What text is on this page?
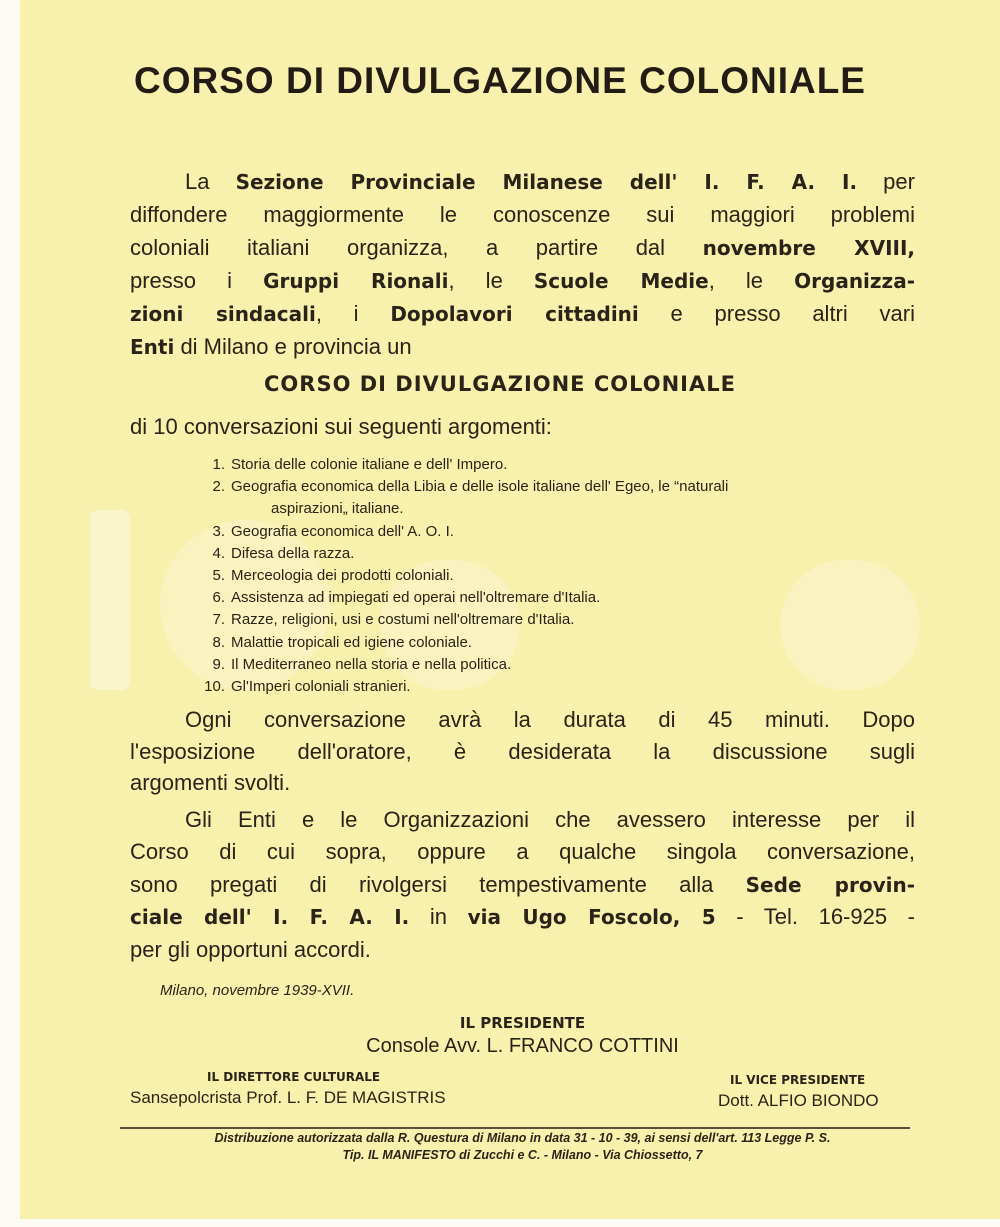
CORSO DI DIVULGAZIONE COLONIALE
La Sezione Provinciale Milanese dell' I. F. A. I. per
diffondere maggiormente le conoscenze sui maggiori problemi
coloniali italiani organizza, a partire dal novembre XVIII,
presso i Gruppi Rionali, le Scuole Medie, le Organizza-
zioni sindacali, i Dopolavori cittadini e presso altri vari
Enti di Milano e provincia un
CORSO DI DIVULGAZIONE COLONIALE
di 10 conversazioni sui seguenti argomenti:
1. Storia delle colonie italiane e dell' Impero.
2. Geografia economica della Libia e delle isole italiane dell' Egeo, le “naturali
aspirazioni„ italiane.
3. Geografia economica dell' A. O. I.
4. Difesa della razza.
5. Merceologia dei prodotti coloniali.
6. Assistenza ad impiegati ed operai nell'oltremare d'Italia.
7. Razze, religioni, usi e costumi nell'oltremare d'Italia.
8. Malattie tropicali ed igiene coloniale.
9. Il Mediterraneo nella storia e nella politica.
10. Gl'Imperi coloniali stranieri.
Ogni conversazione avrà la durata di 45 minuti. Dopo
l'esposizione dell'oratore, è desiderata la discussione sugli
argomenti svolti.
Gli Enti e le Organizzazioni che avessero interesse per il
Corso di cui sopra, oppure a qualche singola conversazione,
sono pregati di rivolgersi tempestivamente alla Sede provin-
ciale dell' I. F. A. I. in via Ugo Foscolo, 5 - Tel. 16-925 -
per gli opportuni accordi.
Milano, novembre 1939-XVII.
IL PRESIDENTE
Console Avv. L. FRANCO COTTINI
IL DIRETTORE CULTURALE
Sansepolcrista Prof. L. F. DE MAGISTRIS
IL VICE PRESIDENTE
Dott. ALFIO BIONDO
Distribuzione autorizzata dalla R. Questura di Milano in data 31 - 10 - 39, ai sensi dell'art. 113 Legge P. S.
Tip. IL MANIFESTO di Zucchi e C. - Milano - Via Chiossetto, 7
